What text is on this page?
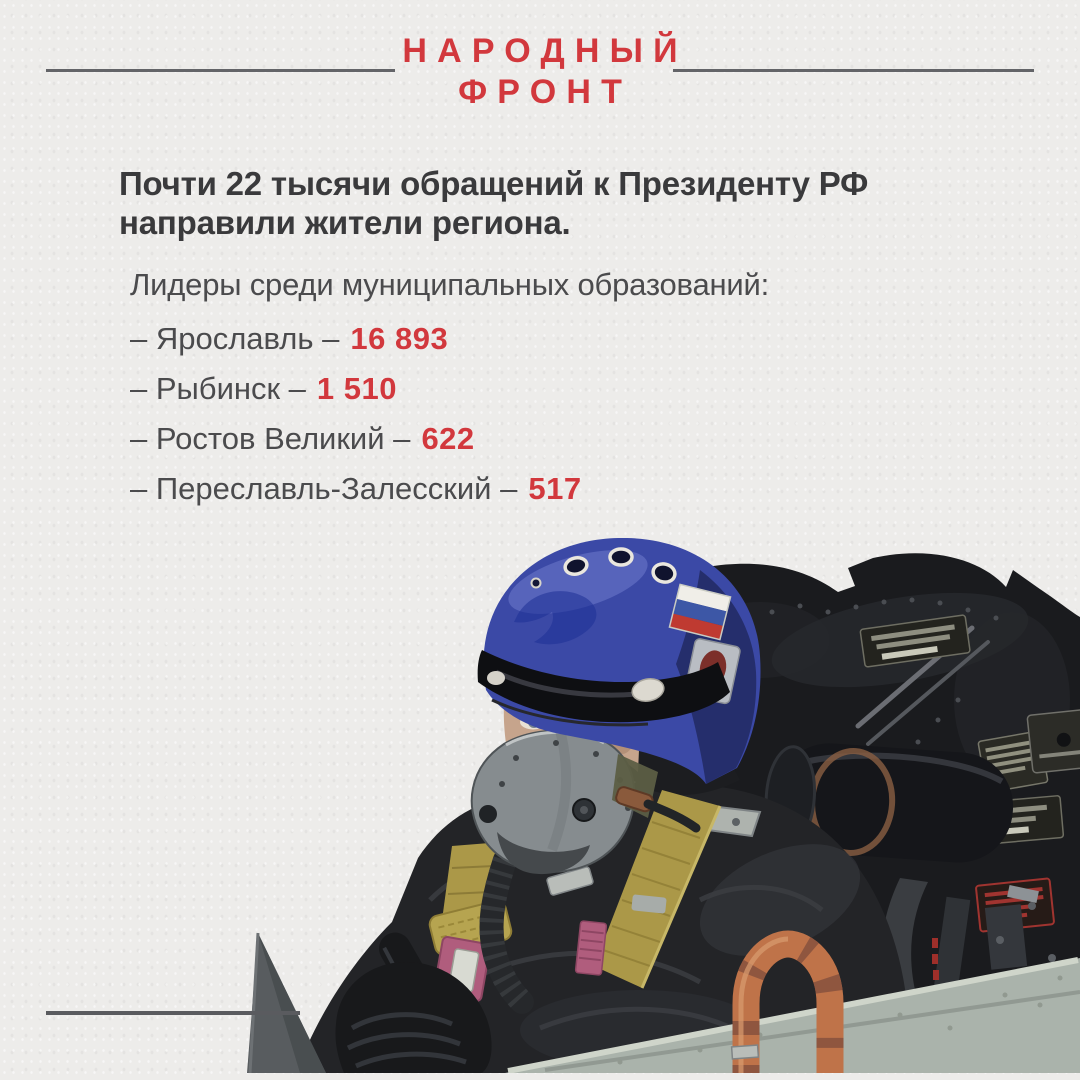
НАРОДНЫЙ
ФРОНТ

Почти 22 тысячи обращений к Президенту РФ направили жители региона.

Лидеры среди муниципальных образований:
– Ярославль – 16 893
– Рыбинск – 1 510
– Ростов Великий – 622
– Переславль-Залесский – 517
